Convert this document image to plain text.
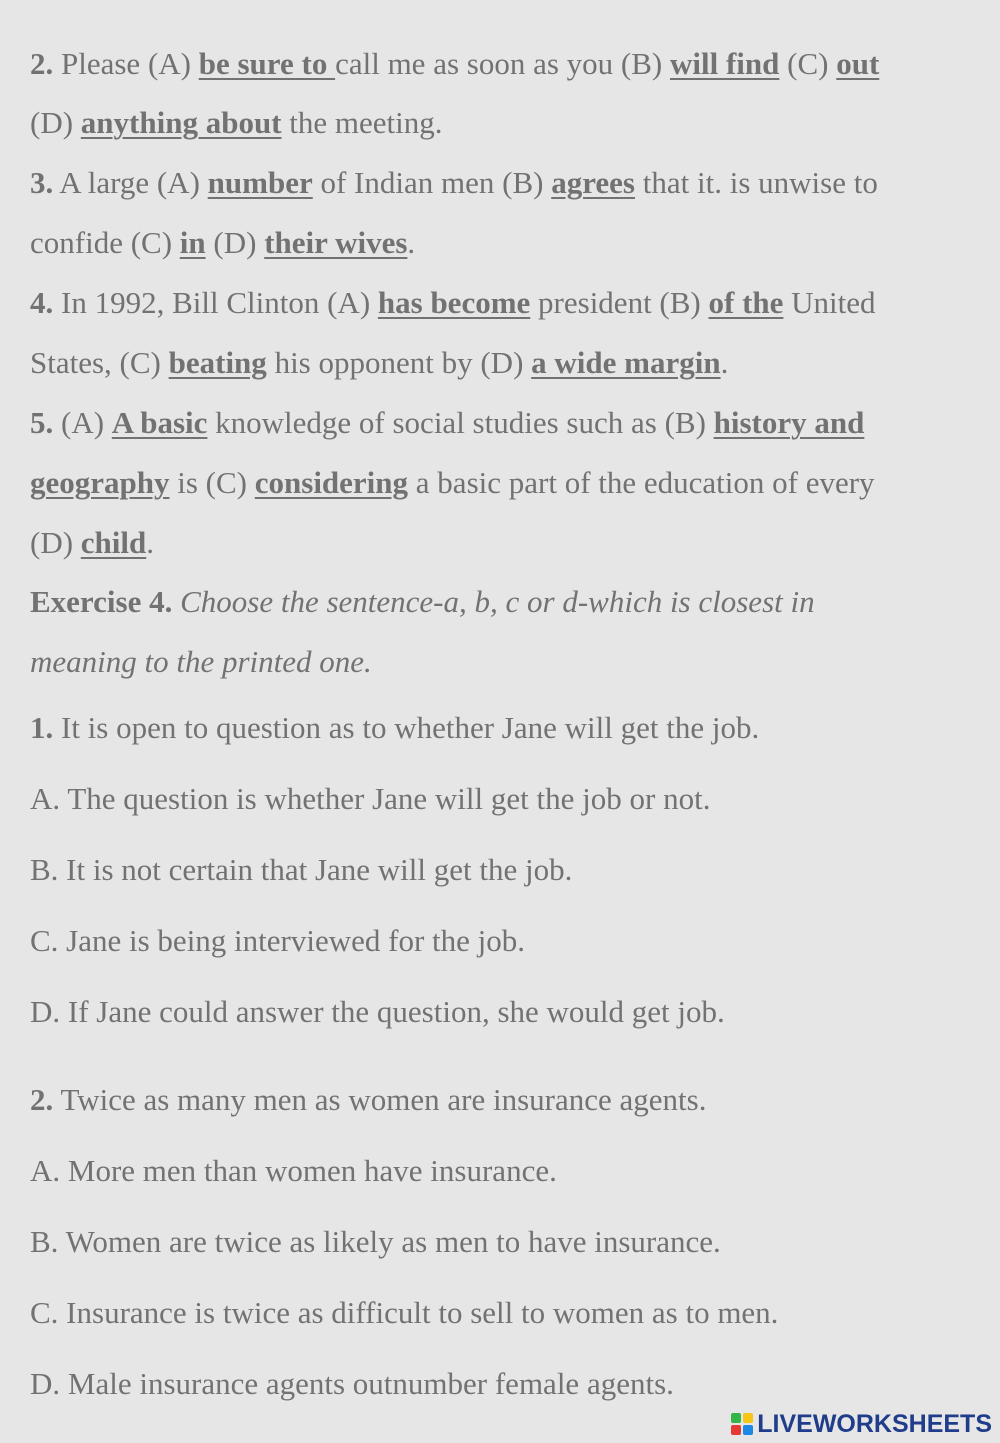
2. Please (A) be sure to call me as soon as you (B) will find (C) out
(D) anything about the meeting.
3. A large (A) number of Indian men (B) agrees that it. is unwise to
confide (C) in (D) their wives.
4. In 1992, Bill Clinton (A) has become president (B) of the United
States, (C) beating his opponent by (D) a wide margin.
5. (A) A basic knowledge of social studies such as (B) history and
geography is (C) considering a basic part of the education of every
(D) child.
Exercise 4. Choose the sentence-a, b, c or d-which is closest in
meaning to the printed one.
1. It is open to question as to whether Jane will get the job.
A. The question is whether Jane will get the job or not.
B. It is not certain that Jane will get the job.
C. Jane is being interviewed for the job.
D. If Jane could answer the question, she would get job.
2. Twice as many men as women are insurance agents.
A. More men than women have insurance.
B. Women are twice as likely as men to have insurance.
C. Insurance is twice as difficult to sell to women as to men.
D. Male insurance agents outnumber female agents.
LIVEWORKSHEETS
